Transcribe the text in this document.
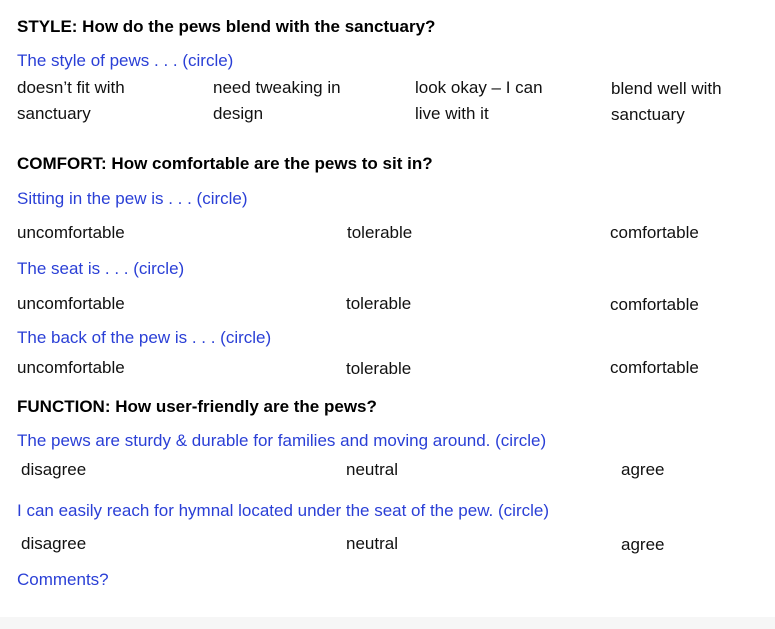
STYLE: How do the pews blend with the sanctuary?
The style of pews . . . (circle)
doesn’t fit with sanctuary
need tweaking in design
look okay – I can live with it
blend well with sanctuary
COMFORT: How comfortable are the pews to sit in?
Sitting in the pew is . . . (circle)
uncomfortable	tolerable	comfortable
The seat is . . . (circle)
uncomfortable	tolerable	comfortable
The back of the pew is . . . (circle)
uncomfortable	tolerable	comfortable
FUNCTION: How user-friendly are the pews?
The pews are sturdy & durable for families and moving around. (circle)
disagree	neutral	agree
I can easily reach for hymnal located under the seat of the pew. (circle)
disagree	neutral	agree
Comments?
